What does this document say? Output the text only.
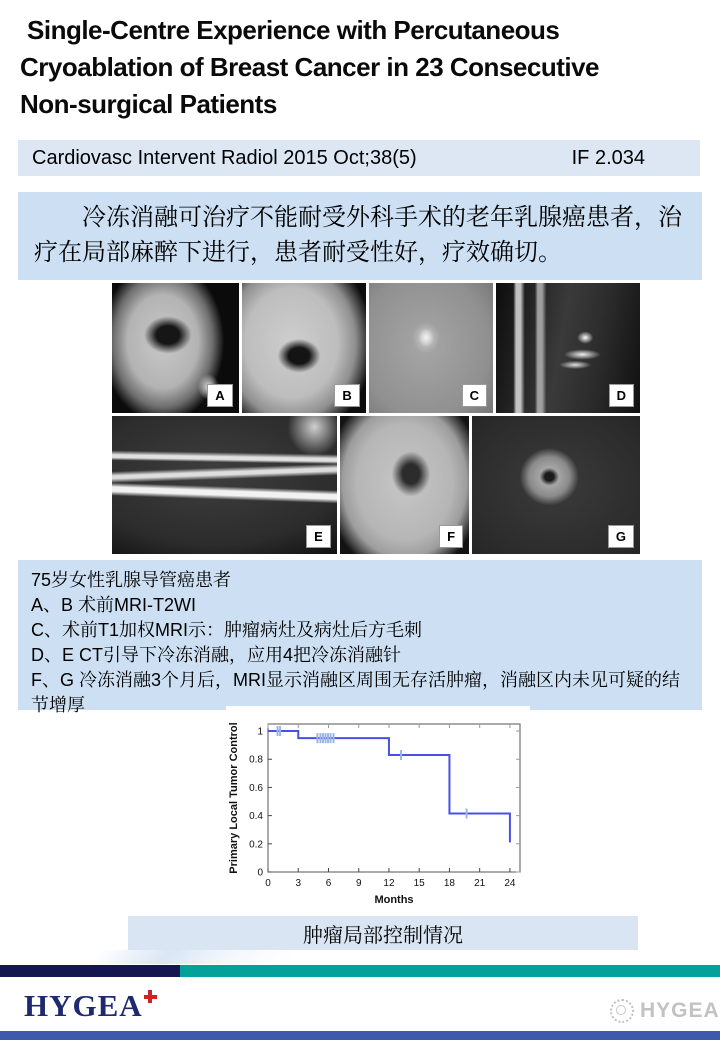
Single-Centre Experience with Percutaneous
Cryoablation of Breast Cancer in 23 Consecutive
Non-surgical Patients
Cardiovasc Intervent Radiol 2015 Oct;38(5)	IF 2.034

冷冻消融可治疗不能耐受外科手术的老年乳腺癌患者，治疗在局部麻醉下进行，患者耐受性好，疗效确切。

A	B	C	D
E	F	G
75岁女性乳腺导管癌患者
A、B 术前MRI-T2WI
C、术前T1加权MRI示：肿瘤病灶及病灶后方毛刺
D、E CT引导下冷冻消融，应用4把冷冻消融针
F、G 冷冻消融3个月后，MRI显示消融区周围无存活肿瘤，消融区内未见可疑的结节增厚
0 3 6 9 12 15 18 21 24
0
0.2
0.4
0.6
0.8
1
Months
Primary Local Tumor Control
肿瘤局部控制情况
HYGEA	HYGEA
